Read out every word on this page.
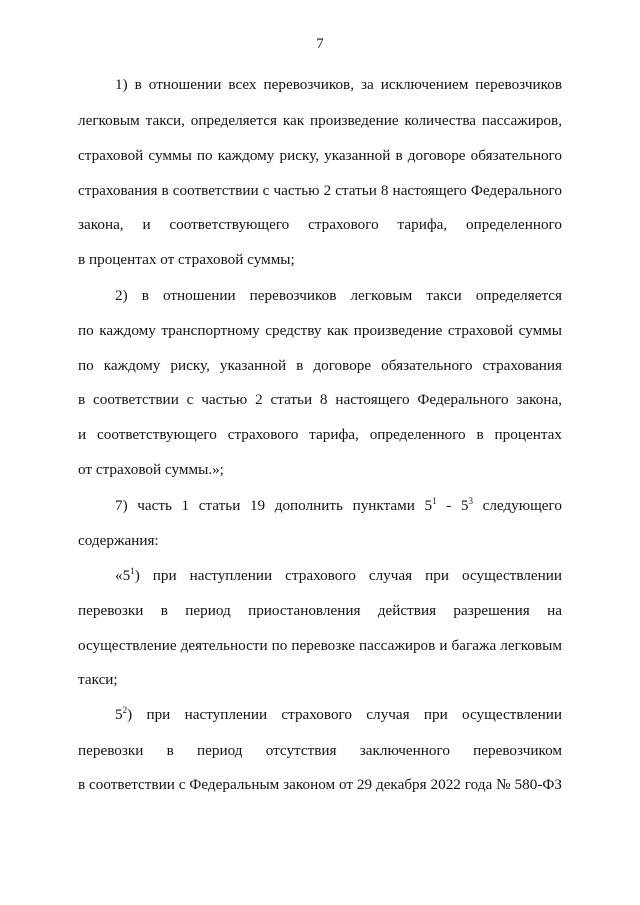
7
1) в отношении всех перевозчиков, за исключением перевозчиков
легковым такси, определяется как произведение количества пассажиров,
страховой суммы по каждому риску, указанной в договоре обязательного
страхования в соответствии с частью 2 статьи 8 настоящего Федерального
закона, и соответствующего страхового тарифа, определенного
в процентах от страховой суммы;
2) в отношении перевозчиков легковым такси определяется
по каждому транспортному средству как произведение страховой суммы
по каждому риску, указанной в договоре обязательного страхования
в соответствии с частью 2 статьи 8 настоящего Федерального закона,
и соответствующего страхового тарифа, определенного в процентах
от страховой суммы.»;
7) часть 1 статьи 19 дополнить пунктами $5^1 - 5^3$ следующего
содержания:
«$5^1$) при наступлении страхового случая при осуществлении
перевозки в период приостановления действия разрешения на
осуществление деятельности по перевозке пассажиров и багажа легковым
такси;
$5^2$) при наступлении страхового случая при осуществлении
перевозки в период отсутствия заключенного перевозчиком
в соответствии с Федеральным законом от 29 декабря 2022 года № 580-ФЗ
